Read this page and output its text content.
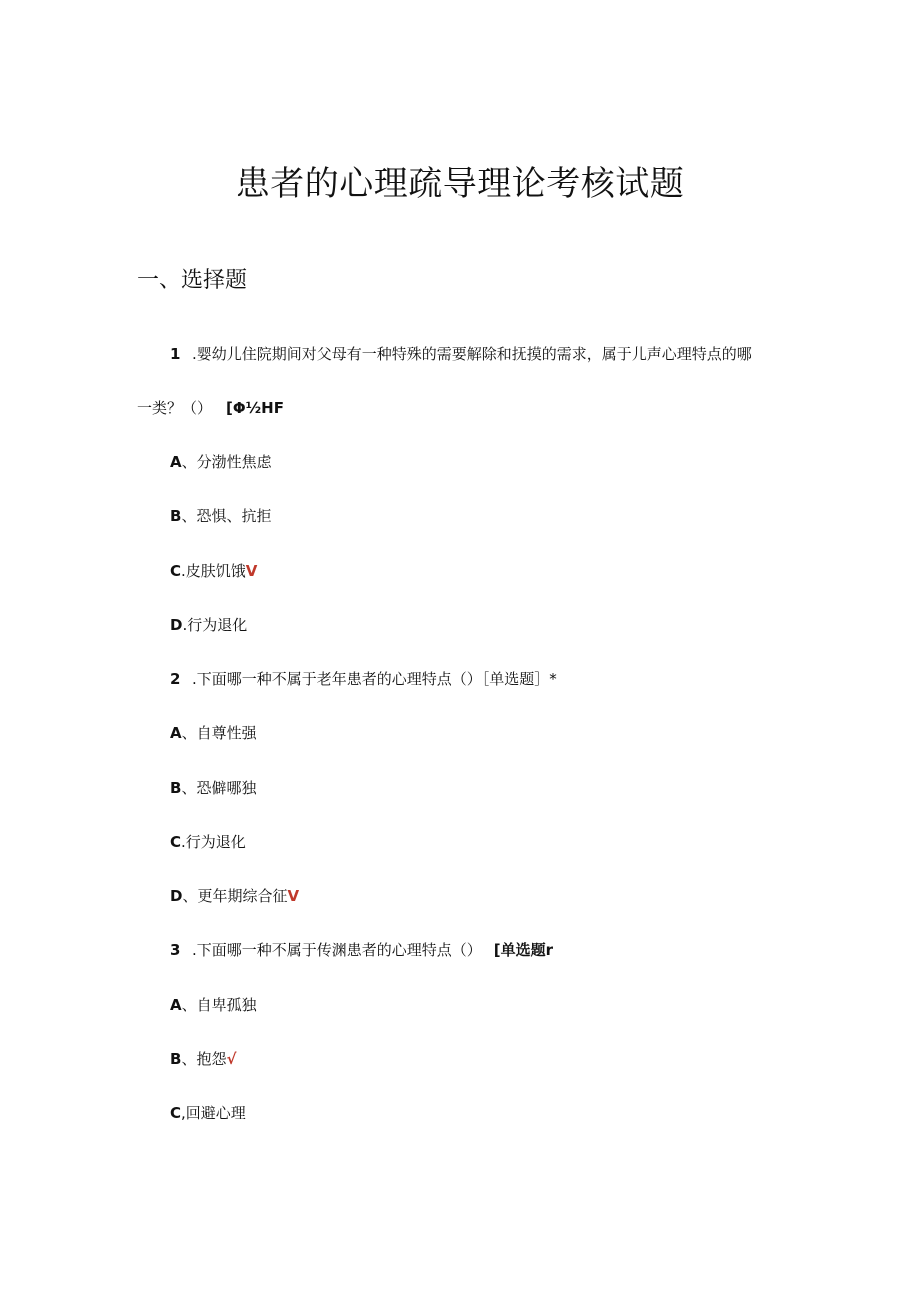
患者的心理疏导理论考核试题
一、选择题
1 .婴幼儿住院期间对父母有一种特殊的需要解除和抚摸的需求，属于儿声心理特点的哪
一类？（） [Φ½HF
A、分渤性焦虑
B、恐惧、抗拒
C.皮肤饥饿V
D.行为退化
2 .下面哪一种不属于老年患者的心理特点（）［单选题］*
A、自尊性强
B、恐僻哪独
C.行为退化
D、更年期综合征V
3 .下面哪一种不属于传渊患者的心理特点（） [单选题r
A、自卑孤独
B、抱怨√
C,回避心理
